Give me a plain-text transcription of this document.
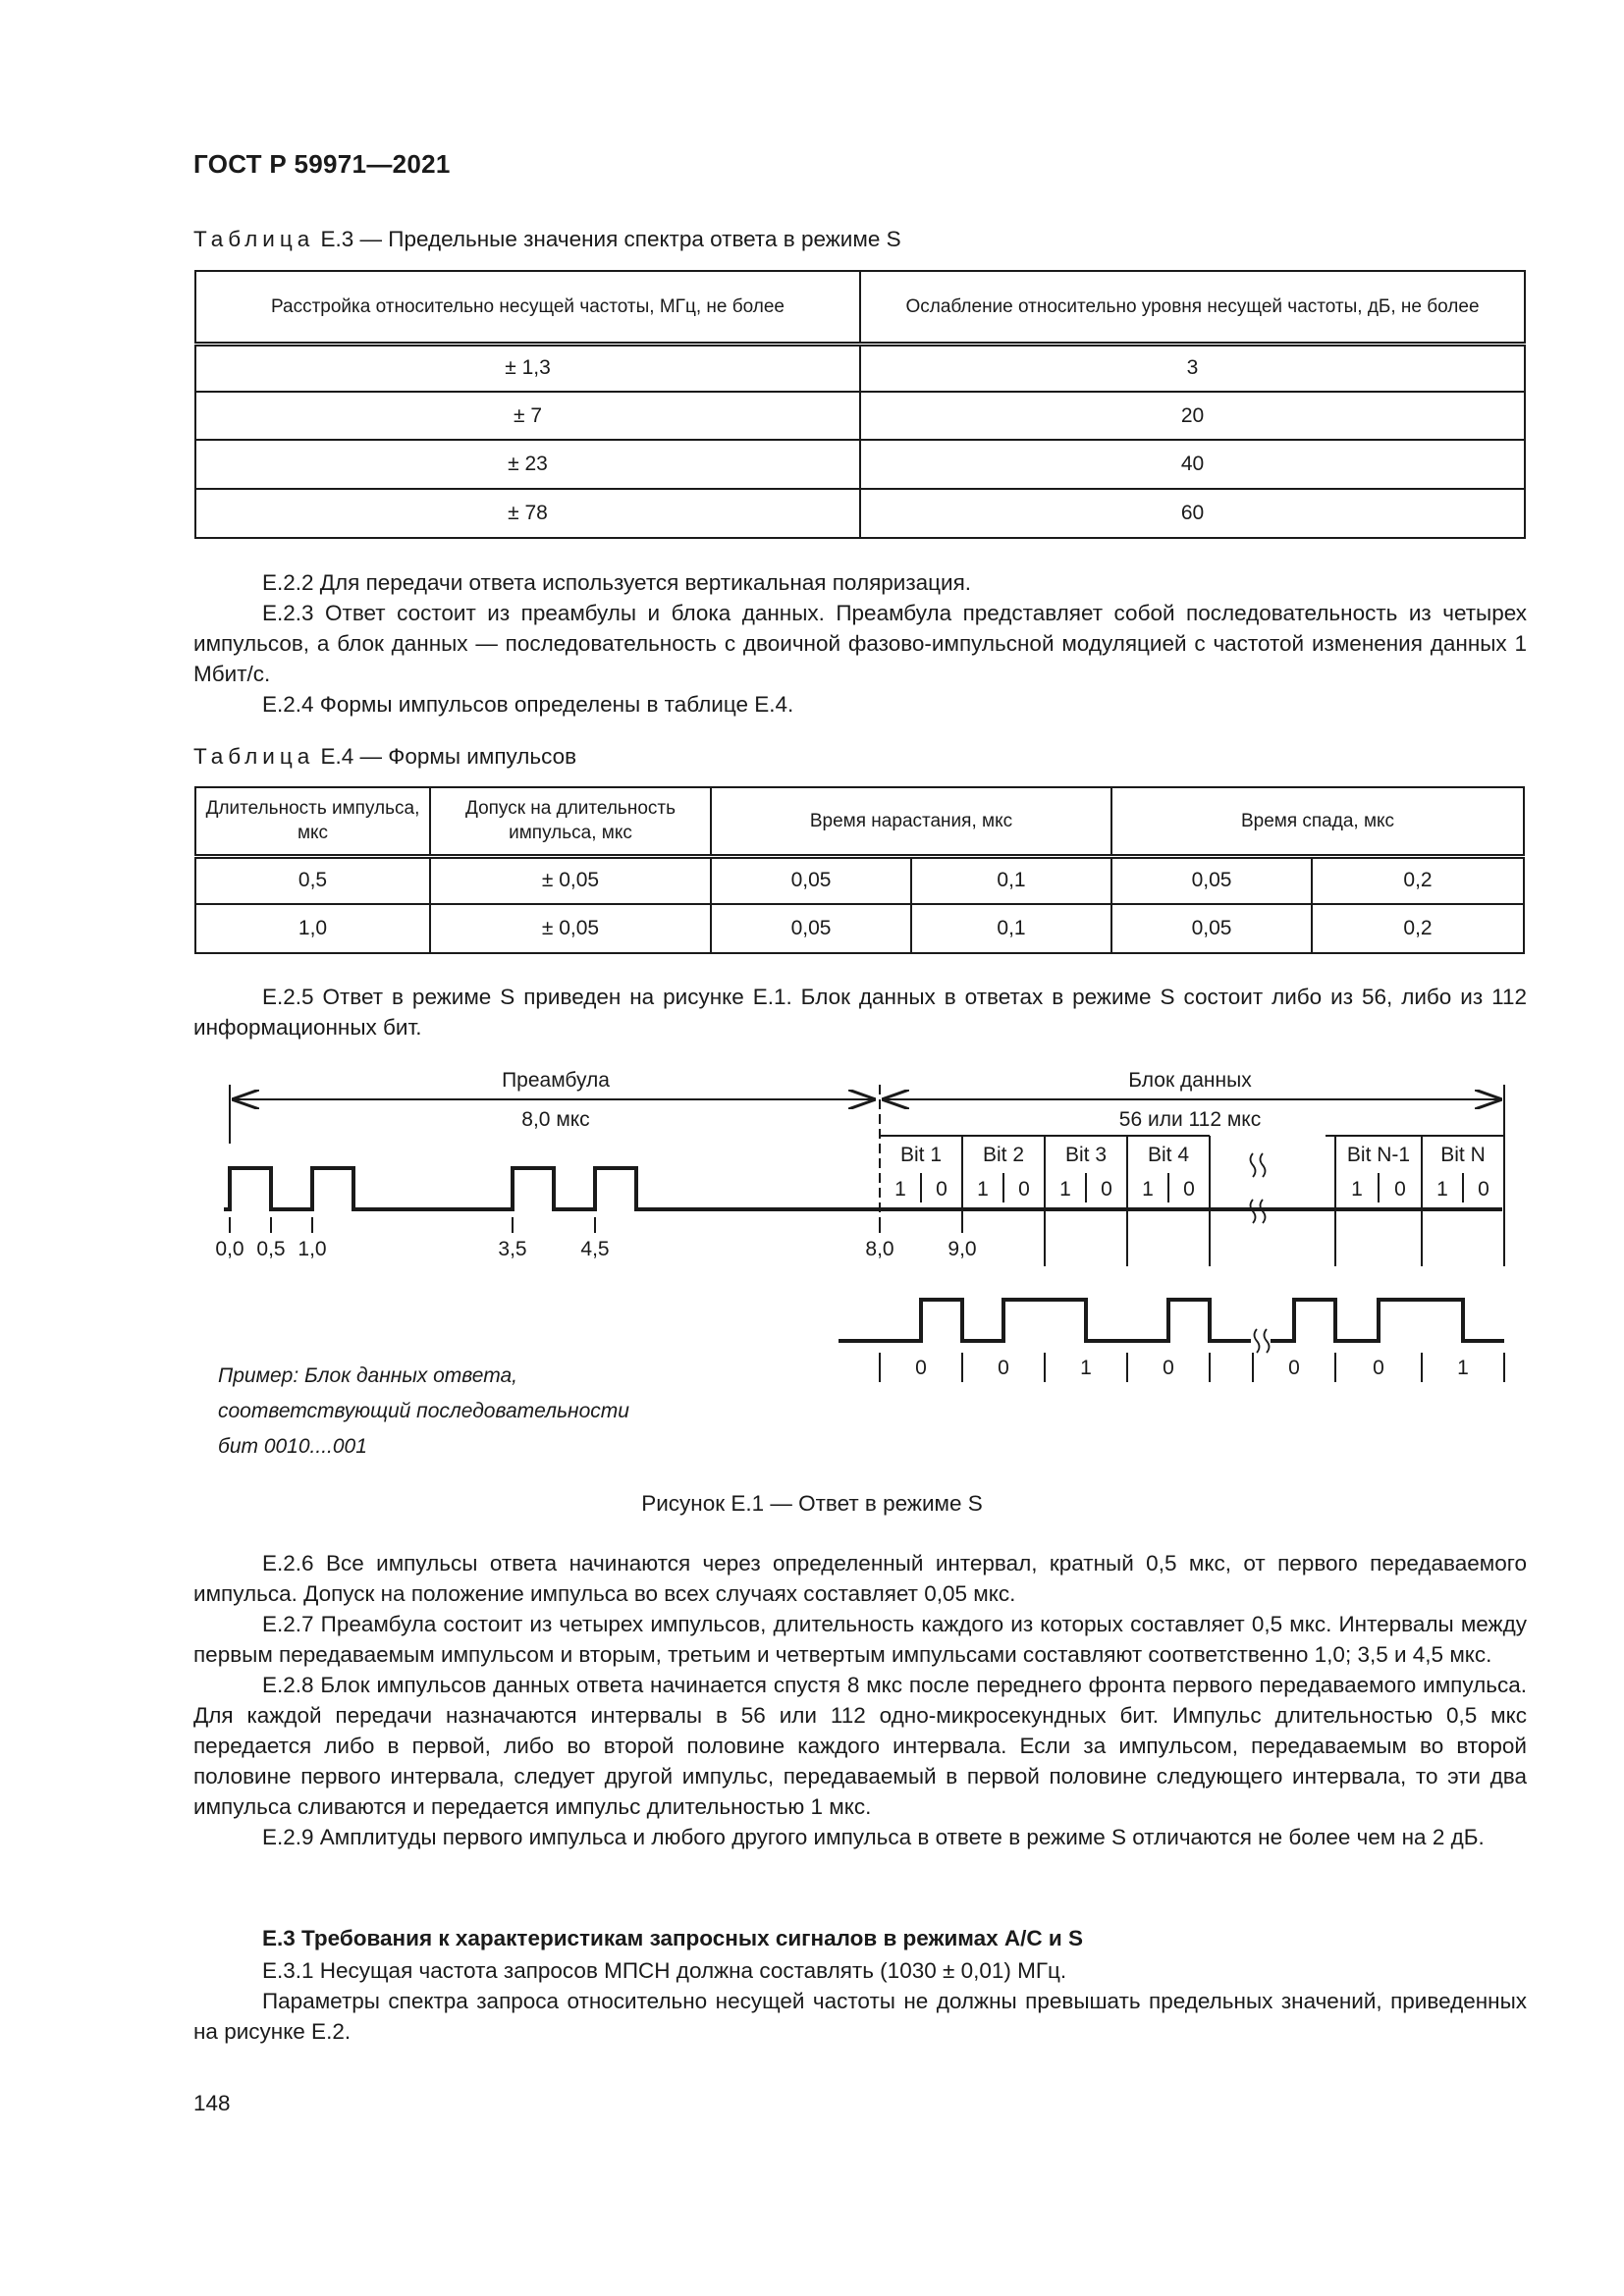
ГОСТ Р 59971—2021
Таблица Е.3 — Предельные значения спектра ответа в режиме S
Расстройка относительно несущей частоты, МГц, не более	Ослабление относительно уровня несущей частоты, дБ, не более
± 1,3	3
± 7	20
± 23	40
± 78	60

Е.2.2 Для передачи ответа используется вертикальная поляризация.

Е.2.3 Ответ состоит из преамбулы и блока данных. Преамбула представляет собой последовательность из четырех импульсов, а блок данных — последовательность с двоичной фазово-импульсной модуляцией с частотой изменения данных 1 Мбит/с.

Е.2.4 Формы импульсов определены в таблице Е.4.

Таблица Е.4 — Формы импульсов
Длительность импульса, мкс	Допуск на длительность импульса, мкс	Время нарастания, мкс		Время спада, мкс	
0,5	± 0,05	0,05	0,1	0,05	0,2
1,0	± 0,05	0,05	0,1	0,05	0,2

Е.2.5 Ответ в режиме S приведен на рисунке Е.1. Блок данных в ответах в режиме S состоит либо из 56, либо из 112 информационных бит.

Преамбула
8,0 мкс
Блок данных
56 или 112 мкс
Bit 1 Bit 2 Bit 3 Bit 4	Bit N-1 Bit N
1 0 1 0 1 0 1 0	1 0 1 0
0,0 0,5 1,0	3,5	4,5	8,0	9,0
0	0	1	0	0	0	1
Пример: Блок данных ответа,
соответствующий последовательности
бит 0010....001
Рисунок Е.1 — Ответ в режиме S

Е.2.6 Все импульсы ответа начинаются через определенный интервал, кратный 0,5 мкс, от первого передаваемого импульса. Допуск на положение импульса во всех случаях составляет 0,05 мкс.

Е.2.7 Преамбула состоит из четырех импульсов, длительность каждого из которых составляет 0,5 мкс. Интервалы между первым передаваемым импульсом и вторым, третьим и четвертым импульсами составляют соответственно 1,0; 3,5 и 4,5 мкс.

Е.2.8 Блок импульсов данных ответа начинается спустя 8 мкс после переднего фронта первого передаваемого импульса. Для каждой передачи назначаются интервалы в 56 или 112 одно-микросекундных бит. Импульс длительностью 0,5 мкс передается либо в первой, либо во второй половине каждого интервала. Если за импульсом, передаваемым во второй половине первого интервала, следует другой импульс, передаваемый в первой половине следующего интервала, то эти два импульса сливаются и передается импульс длительностью 1 мкс.

Е.2.9 Амплитуды первого импульса и любого другого импульса в ответе в режиме S отличаются не более чем на 2 дБ.

Е.3 Требования к характеристикам запросных сигналов в режимах А/С и S

Е.3.1 Несущая частота запросов МПСН должна составлять (1030 ± 0,01) МГц.

Параметры спектра запроса относительно несущей частоты не должны превышать предельных значений, приведенных на рисунке Е.2.

148
